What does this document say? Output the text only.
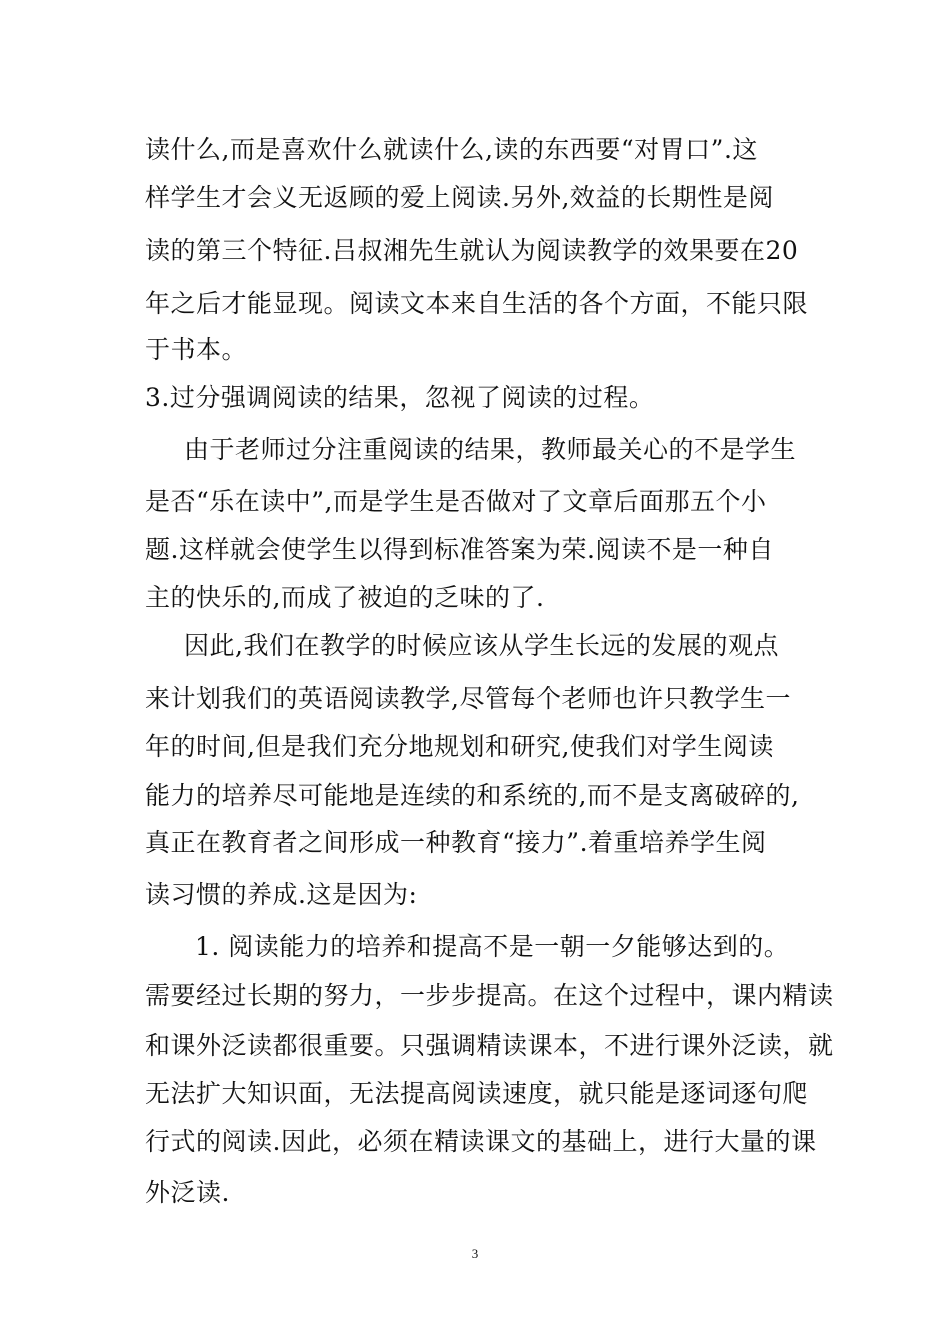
读什么,而是喜欢什么就读什么,读的东西要“对胃口”.这
样学生才会义无返顾的爱上阅读.另外,效益的长期性是阅
读的第三个特征.吕叔湘先生就认为阅读教学的效果要在20
年之后才能显现。阅读文本来自生活的各个方面，不能只限
于书本。
3.过分强调阅读的结果，忽视了阅读的过程。
由于老师过分注重阅读的结果，教师最关心的不是学生
是否“乐在读中”,而是学生是否做对了文章后面那五个小
题.这样就会使学生以得到标准答案为荣.阅读不是一种自
主的快乐的,而成了被迫的乏味的了.
因此,我们在教学的时候应该从学生长远的发展的观点
来计划我们的英语阅读教学,尽管每个老师也许只教学生一
年的时间,但是我们充分地规划和研究,使我们对学生阅读
能力的培养尽可能地是连续的和系统的,而不是支离破碎的,
真正在教育者之间形成一种教育“接力”.着重培养学生阅
读习惯的养成.这是因为:
1. 阅读能力的培养和提高不是一朝一夕能够达到的。
需要经过长期的努力，一步步提高。在这个过程中，课内精读
和课外泛读都很重要。只强调精读课本，不进行课外泛读，就
无法扩大知识面，无法提高阅读速度，就只能是逐词逐句爬
行式的阅读.因此，必须在精读课文的基础上，进行大量的课
外泛读.
3
